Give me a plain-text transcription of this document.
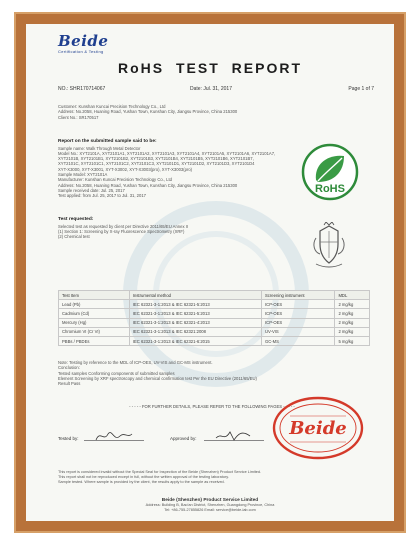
Beide
Certification & Testing
RoHS TEST REPORT
NO.: SHR170714067	Date: Jul. 31, 2017	Page 1 of 7
Customer: Kunshan Kuncai Precision Technology Co., Ltd
Address: No.2058, Huaning Road, Yushan Town, Kunshan City, Jiangsu Province, China 215300
Client No.: SR170517
Report on the submitted sample said to be:
Sample name: Walk Through Metal Detector
Model No.: XYT2101A, XYT2101A1, XYT2101A2, XYT2101A3, XYT2101A4, XYT2101A5, XYT2101A6, XYT2101A7,
XYT2101B, XYT2101B1, XYT2101B2, XYT2101B3, XYT2101B4, XYT2101B5, XYT2101B6, XYT2101B7,
XYT2101C, XYT2101C1, XYT2101C2, XYT2101C3, XYT2101D1, XYT2101D2, XYT2101D3, XYT2101D4
XYT-X3000, XYT-X3001, XYT-X3002, XYT-X3003(pro), XYT-X3003(pro)
Sample Model: XYT2101A
Manufacturer: Kunshan Kuncai Precision Technology Co., Ltd
Address: No.2058, Huaning Road, Yushan Town, Kunshan City, Jiangsu Province, China 215300
Sample received date: Jul. 25, 2017
Test applied: from Jul. 25, 2017 to Jul. 31, 2017
RoHS
Test requested:
Selected test as requested by client per Directive 2011/65/EU Annex II
(1) Section 1: Screening by X-ray Fluorescence Spectrometry (XRF)
(2) Chemical test
Test Item	Instrumental method	Screening instrument	MDL
Lead (Pb)	IEC 62321-3-1:2013 & IEC 62321-5:2013	ICP-OES	2 mg/kg
Cadmium (Cd)	IEC 62321-3-1:2013 & IEC 62321-5:2013	ICP-OES	2 mg/kg
Mercury (Hg)	IEC 62321-3-1:2013 & IEC 62321-4:2013	ICP-OES	2 mg/kg
Chromium VI (Cr VI)	IEC 62321-3-1:2013 & IEC 62321:2008	UV-VIS	2 mg/kg
PBBs / PBDEs	IEC 62321-3-1:2013 & IEC 62321-6:2015	GC-MS	5 mg/kg
Note: Testing by reference to the MDL of ICP-OES, UV-VIS and GC-MS instrument.
Conclusion:
Tested samples Conforming components of submitted samples
Element Screening by XRF spectroscopy and chemical confirmation test Per the EU Directive (2011/65/EU)
Result Pass
- - - - - FOR FURTHER DETAILS, PLEASE REFER TO THE FOLLOWING PAGES - - - - -
Tested by:	Approved by:	Beide
This report is considered invalid without the Special Seal for Inspection of the Beide (Shenzhen) Product Service Limited.
This report shall not be reproduced except in full, without the written approval of the testing laboratory.
Sample tested. Where sample is provided by the client, the results apply to the sample as received.
Beide (Shenzhen) Product Service Limited
Address: Building B, Bao'an District, Shenzhen, Guangdong Province, China
Tel: +86-755-27855826 Email: service@beide-lab.com
